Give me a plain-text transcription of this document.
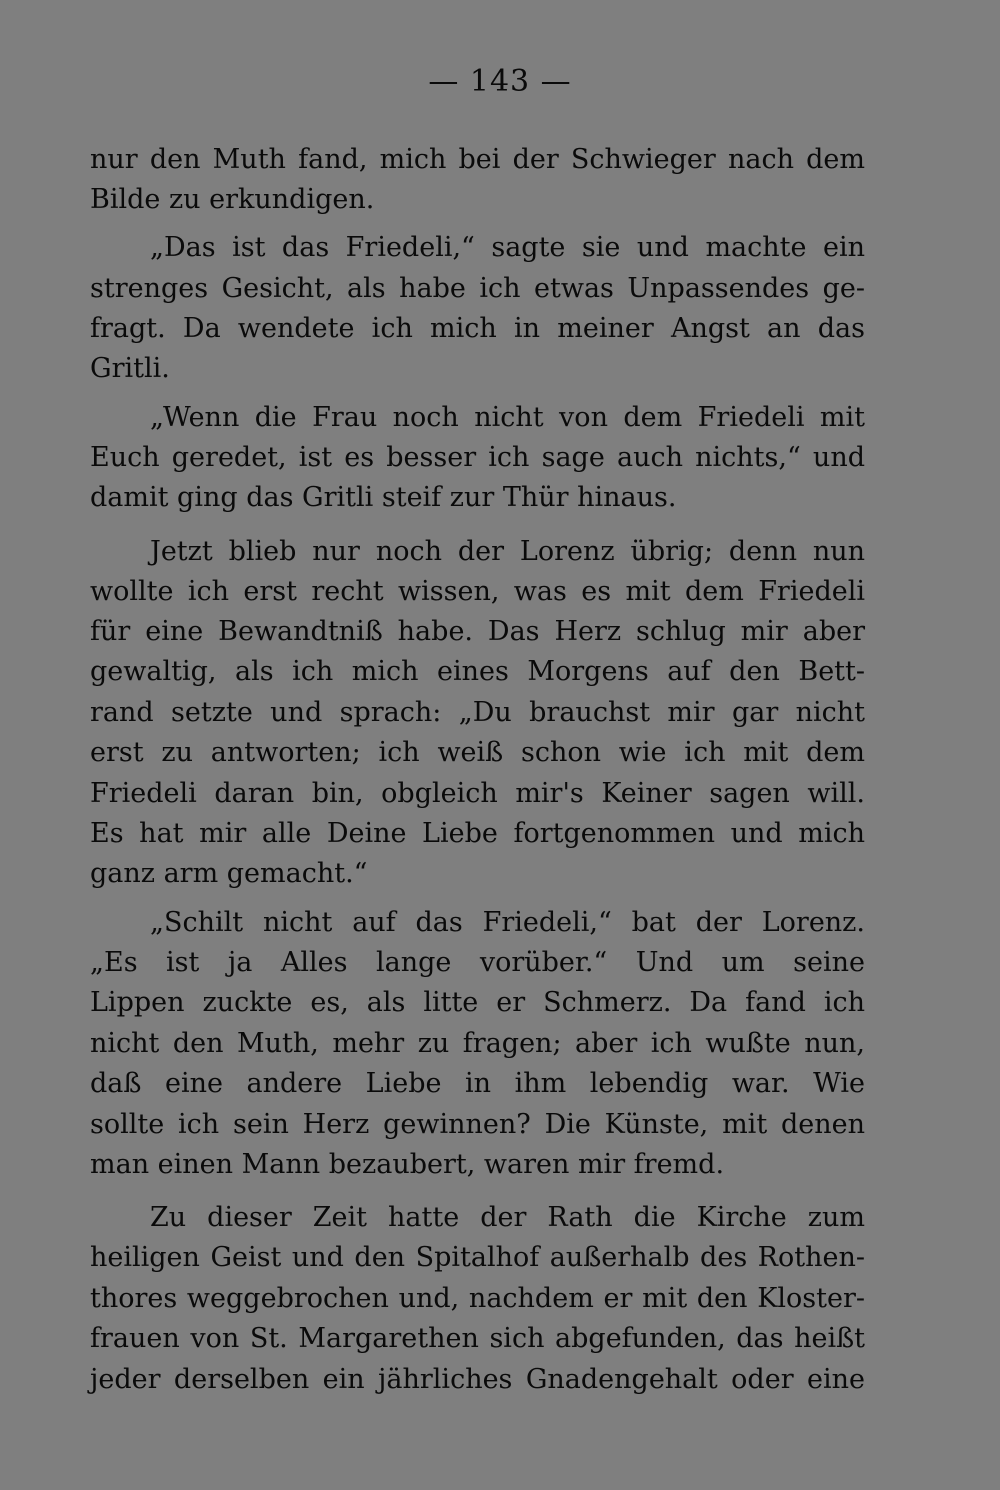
— 143 —
nur den Muth fand, mich bei der Schwieger nach dem
Bilde zu erkundigen.
„Das ist das Friedeli,“ sagte sie und machte ein
strenges Gesicht, als habe ich etwas Unpassendes ge-
fragt. Da wendete ich mich in meiner Angst an das
Gritli.
„Wenn die Frau noch nicht von dem Friedeli mit
Euch geredet, ist es besser ich sage auch nichts,“ und
damit ging das Gritli steif zur Thür hinaus.
Jetzt blieb nur noch der Lorenz übrig; denn nun
wollte ich erst recht wissen, was es mit dem Friedeli
für eine Bewandtniß habe. Das Herz schlug mir aber
gewaltig, als ich mich eines Morgens auf den Bett-
rand setzte und sprach: „Du brauchst mir gar nicht
erst zu antworten; ich weiß schon wie ich mit dem
Friedeli daran bin, obgleich mir's Keiner sagen will.
Es hat mir alle Deine Liebe fortgenommen und mich
ganz arm gemacht.“
„Schilt nicht auf das Friedeli,“ bat der Lorenz.
„Es ist ja Alles lange vorüber.“ Und um seine
Lippen zuckte es, als litte er Schmerz. Da fand ich
nicht den Muth, mehr zu fragen; aber ich wußte nun,
daß eine andere Liebe in ihm lebendig war. Wie
sollte ich sein Herz gewinnen? Die Künste, mit denen
man einen Mann bezaubert, waren mir fremd.
Zu dieser Zeit hatte der Rath die Kirche zum
heiligen Geist und den Spitalhof außerhalb des Rothen-
thores weggebrochen und, nachdem er mit den Kloster-
frauen von St. Margarethen sich abgefunden, das heißt
jeder derselben ein jährliches Gnadengehalt oder eine
